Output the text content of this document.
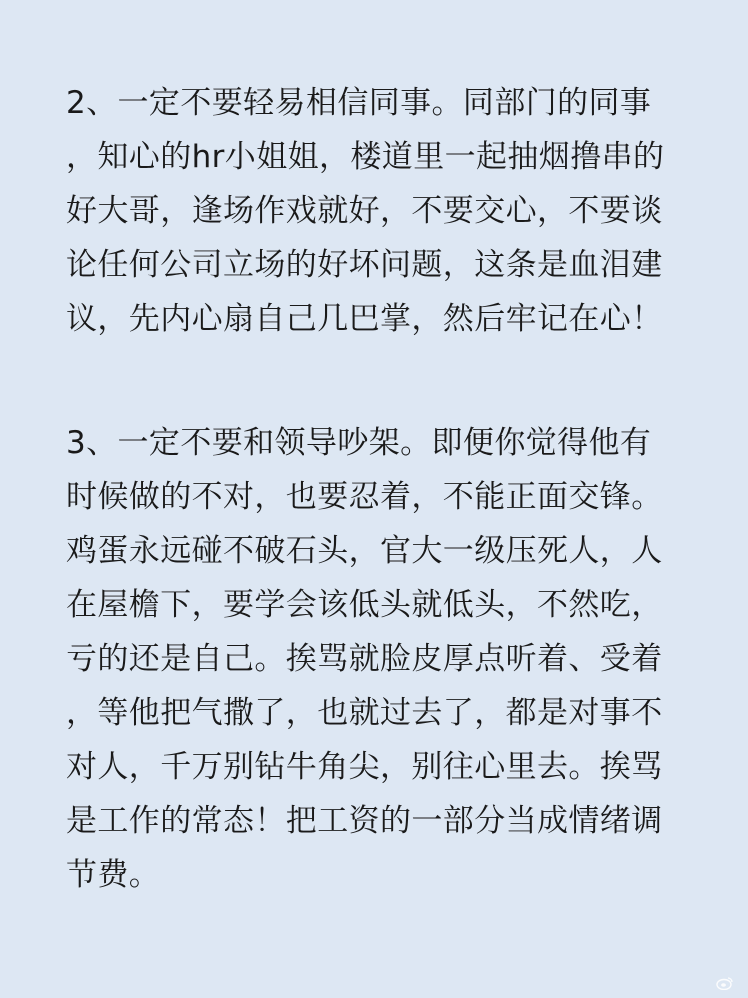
2、一定不要轻易相信同事。同部门的同事
，知心的hr小姐姐，楼道里一起抽烟撸串的
好大哥，逢场作戏就好，不要交心，不要谈
论任何公司立场的好坏问题，这条是血泪建
议，先内心扇自己几巴掌，然后牢记在心！
3、一定不要和领导吵架。即便你觉得他有
时候做的不对，也要忍着，不能正面交锋。
鸡蛋永远碰不破石头，官大一级压死人，人
在屋檐下，要学会该低头就低头，不然吃，
亏的还是自己。挨骂就脸皮厚点听着、受着
，等他把气撒了，也就过去了，都是对事不
对人，千万别钻牛角尖，别往心里去。挨骂
是工作的常态！把工资的一部分当成情绪调
节费。
